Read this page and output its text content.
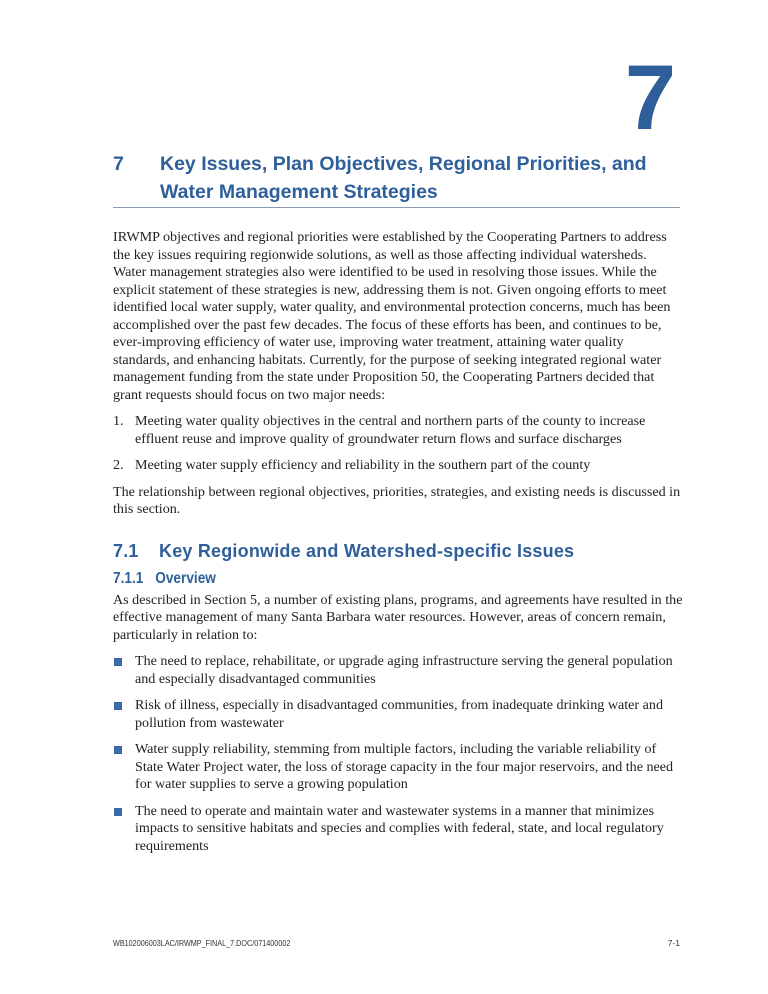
7
7	Key Issues, Plan Objectives, Regional Priorities, and Water Management Strategies

IRWMP objectives and regional priorities were established by the Cooperating Partners to address the key issues requiring regionwide solutions, as well as those affecting individual watersheds. Water management strategies also were identified to be used in resolving those issues. While the explicit statement of these strategies is new, addressing them is not. Given ongoing efforts to meet identified local water supply, water quality, and environmental protection concerns, much has been accomplished over the past few decades. The focus of these efforts has been, and continues to be, ever-improving efficiency of water use, improving water treatment, attaining water quality standards, and enhancing habitats. Currently, for the purpose of seeking integrated regional water management funding from the state under Proposition 50, the Cooperating Partners decided that grant requests should focus on two major needs:

1. Meeting water quality objectives in the central and northern parts of the county to increase effluent reuse and improve quality of groundwater return flows and surface discharges
2. Meeting water supply efficiency and reliability in the southern part of the county

The relationship between regional objectives, priorities, strategies, and existing needs is discussed in this section.

7.1	Key Regionwide and Watershed-specific Issues
7.1.1 Overview

As described in Section 5, a number of existing plans, programs, and agreements have resulted in the effective management of many Santa Barbara water resources. However, areas of concern remain, particularly in relation to:

The need to replace, rehabilitate, or upgrade aging infrastructure serving the general population and especially disadvantaged communities
Risk of illness, especially in disadvantaged communities, from inadequate drinking water and pollution from wastewater
Water supply reliability, stemming from multiple factors, including the variable reliability of State Water Project water, the loss of storage capacity in the four major reservoirs, and the need for water supplies to serve a growing population
The need to operate and maintain water and wastewater systems in a manner that minimizes impacts to sensitive habitats and species and complies with federal, state, and local regulatory requirements
WB102006003LAC/IRWMP_FINAL_7.DOC/071400002	7-1
